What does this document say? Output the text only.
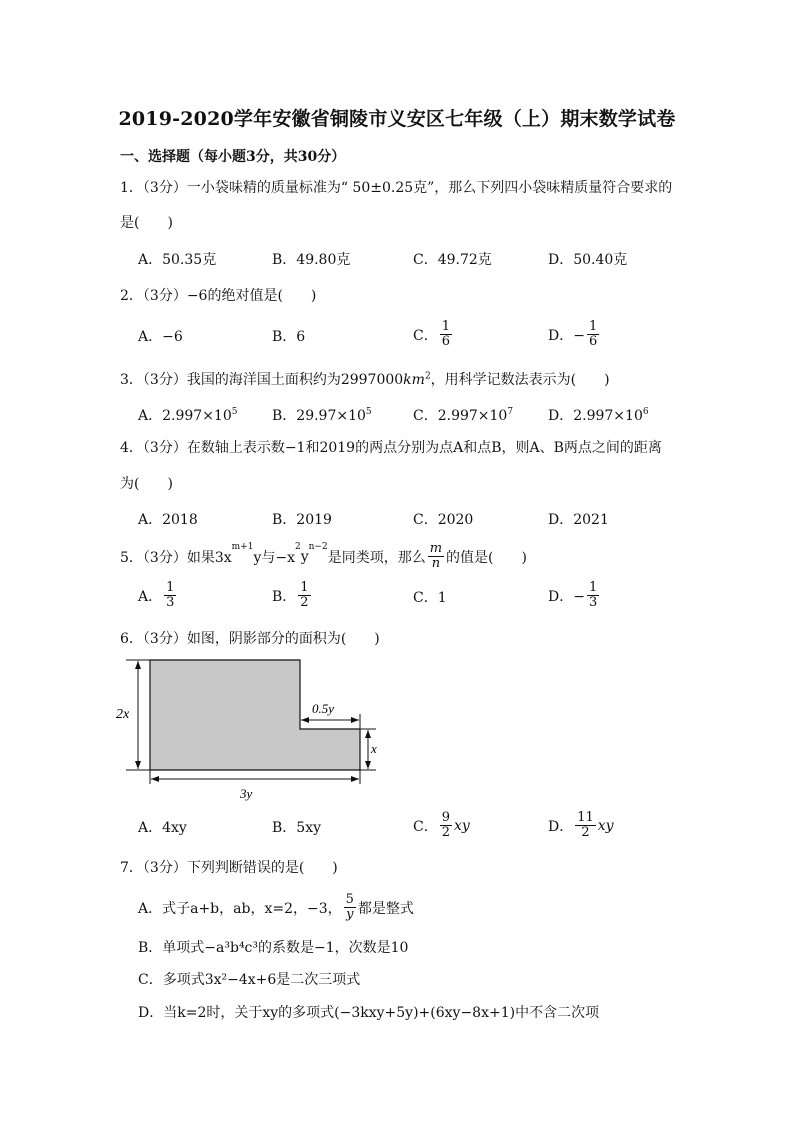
2019-2020学年安徽省铜陵市义安区七年级（上）期末数学试卷
一、选择题（每小题3分，共30分）
1．（3分）一小袋味精的质量标准为“ 50±0.25克”，那么下列四小袋味精质量符合要求的
是(　　)
A．50.35克	B．49.80克	C．49.72克	D．50.40克
2．（3分）−6的绝对值是(　　)
A．−6	B．6	C． $\frac{1}{6}$	D．− $\frac{1}{6}$
3．（3分）我国的海洋国土面积约为$2997000km^2$，用科学记数法表示为(　　)
A．$2.997\times 10^5$ B．$29.97\times 10^5$	C．$2.997\times 10^7$ D．$2.997\times 10^6$
4．（3分）在数轴上表示数−1和2019的两点分别为点A和点B，则A、B两点之间的距离
为(　　)
A．2018	B．2019	C．2020	D．2021
5．（3分）如果3x
$^{m+1}$
y与−x
$^2$
y
$^{n-2}$
是同类项，那么 $\frac{m}{n}$ 的值是(　　)
A． $\frac{1}{3}$	B． $\frac{1}{2}$	C．1	D．− $\frac{1}{3}$
6．（3分）如图，阴影部分的面积为(　　)
2x	0.5y
x
3y
A．4xy	B．5xy	C． $\frac{9}{2}$ xy	D． $\frac{11}{2}$ xy
7．（3分）下列判断错误的是(　　)
A．式子a+b，ab，x=2，−3， $\frac{5}{y}$ 都是整式
B．单项式−a³b⁴c³的系数是−1，次数是10
C．多项式3x²−4x+6是二次三项式
D．当k=2时，关于xy的多项式(−3kxy+5y)+(6xy−8x+1)中不含二次项
